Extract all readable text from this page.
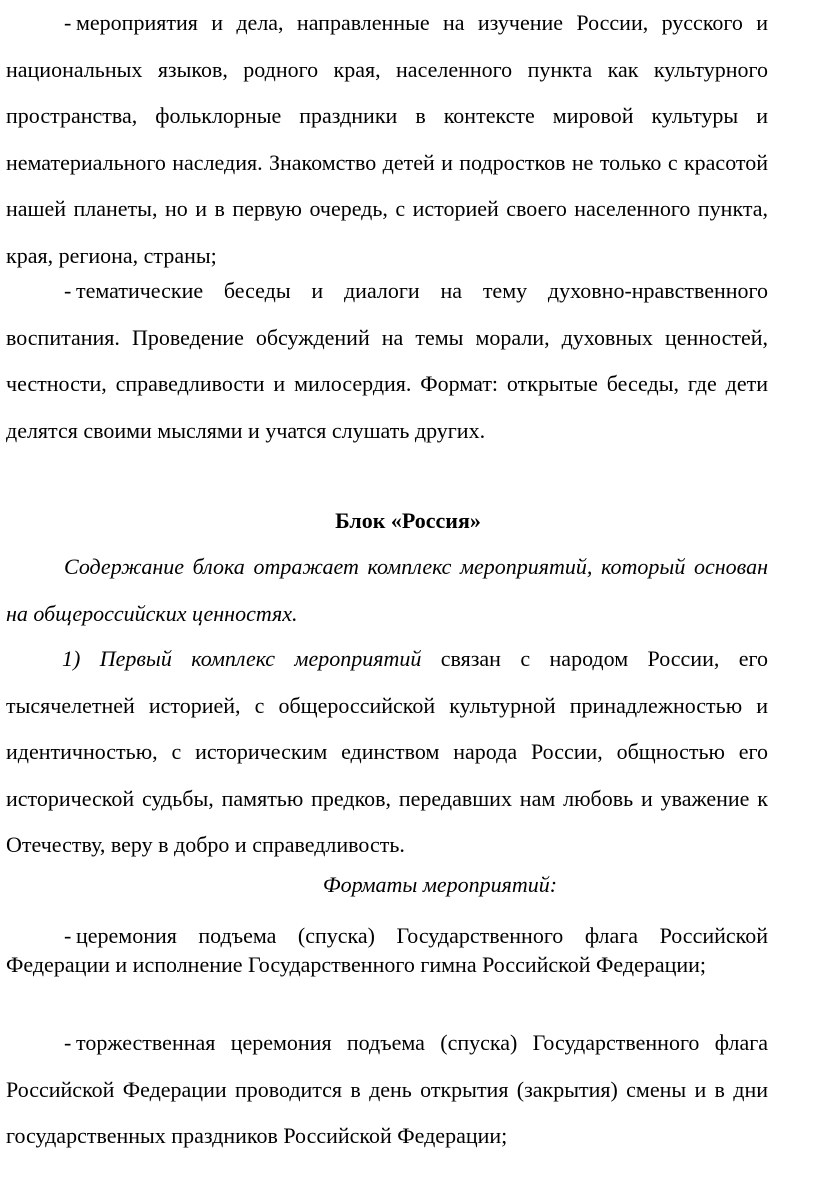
- мероприятия и дела, направленные на изучение России, русского и национальных языков, родного края, населенного пункта как культурного пространства, фольклорные праздники в контексте мировой культуры и нематериального наследия. Знакомство детей и подростков не только с красотой нашей планеты, но и в первую очередь, с историей своего населенного пункта, края, региона, страны;

- тематические беседы и диалоги на тему духовно-нравственного воспитания. Проведение обсуждений на темы морали, духовных ценностей, честности, справедливости и милосердия. Формат: открытые беседы, где дети делятся своими мыслями и учатся слушать других.

Блок «Россия»

Содержание блока отражает комплекс мероприятий, который основан на общероссийских ценностях.

1) Первый комплекс мероприятий связан с народом России, его тысячелетней историей, с общероссийской культурной принадлежностью и идентичностью, с историческим единством народа России, общностью его исторической судьбы, памятью предков, передавших нам любовь и уважение к Отечеству, веру в добро и справедливость.

Форматы мероприятий:

- церемония подъема (спуска) Государственного флага Российской Федерации и исполнение Государственного гимна Российской Федерации;

- торжественная церемония подъема (спуска) Государственного флага Российской Федерации проводится в день открытия (закрытия) смены и в дни государственных праздников Российской Федерации;
